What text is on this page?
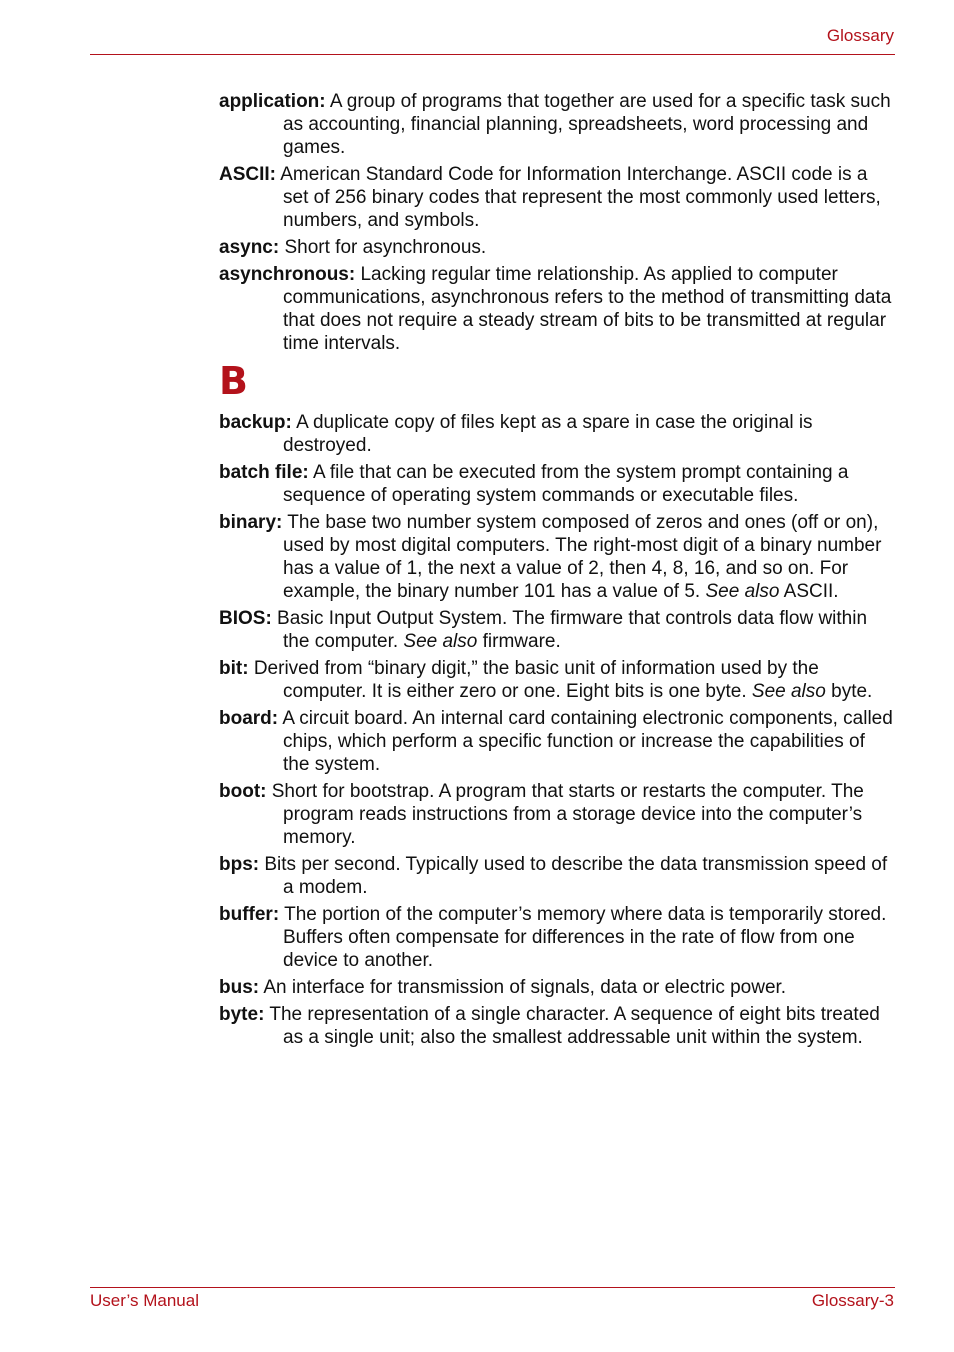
Glossary

application: A group of programs that together are used for a specific task such as accounting, financial planning, spreadsheets, word processing and games.

ASCII: American Standard Code for Information Interchange. ASCII code is a set of 256 binary codes that represent the most commonly used letters, numbers, and symbols.

async: Short for asynchronous.

asynchronous: Lacking regular time relationship. As applied to computer communications, asynchronous refers to the method of transmitting data that does not require a steady stream of bits to be transmitted at regular time intervals.

B

backup: A duplicate copy of files kept as a spare in case the original is destroyed.

batch file: A file that can be executed from the system prompt containing a sequence of operating system commands or executable files.

binary: The base two number system composed of zeros and ones (off or on), used by most digital computers. The right-most digit of a binary number has a value of 1, the next a value of 2, then 4, 8, 16, and so on. For example, the binary number 101 has a value of 5. See also ASCII.

BIOS: Basic Input Output System. The firmware that controls data flow within the computer. See also firmware.

bit: Derived from “binary digit,” the basic unit of information used by the computer. It is either zero or one. Eight bits is one byte. See also byte.

board: A circuit board. An internal card containing electronic components, called chips, which perform a specific function or increase the capabilities of the system.

boot: Short for bootstrap. A program that starts or restarts the computer. The program reads instructions from a storage device into the computer’s memory.

bps: Bits per second. Typically used to describe the data transmission speed of a modem.

buffer: The portion of the computer’s memory where data is temporarily stored. Buffers often compensate for differences in the rate of flow from one device to another.

bus: An interface for transmission of signals, data or electric power.

byte: The representation of a single character. A sequence of eight bits treated as a single unit; also the smallest addressable unit within the system.

User’s Manual	Glossary-3
